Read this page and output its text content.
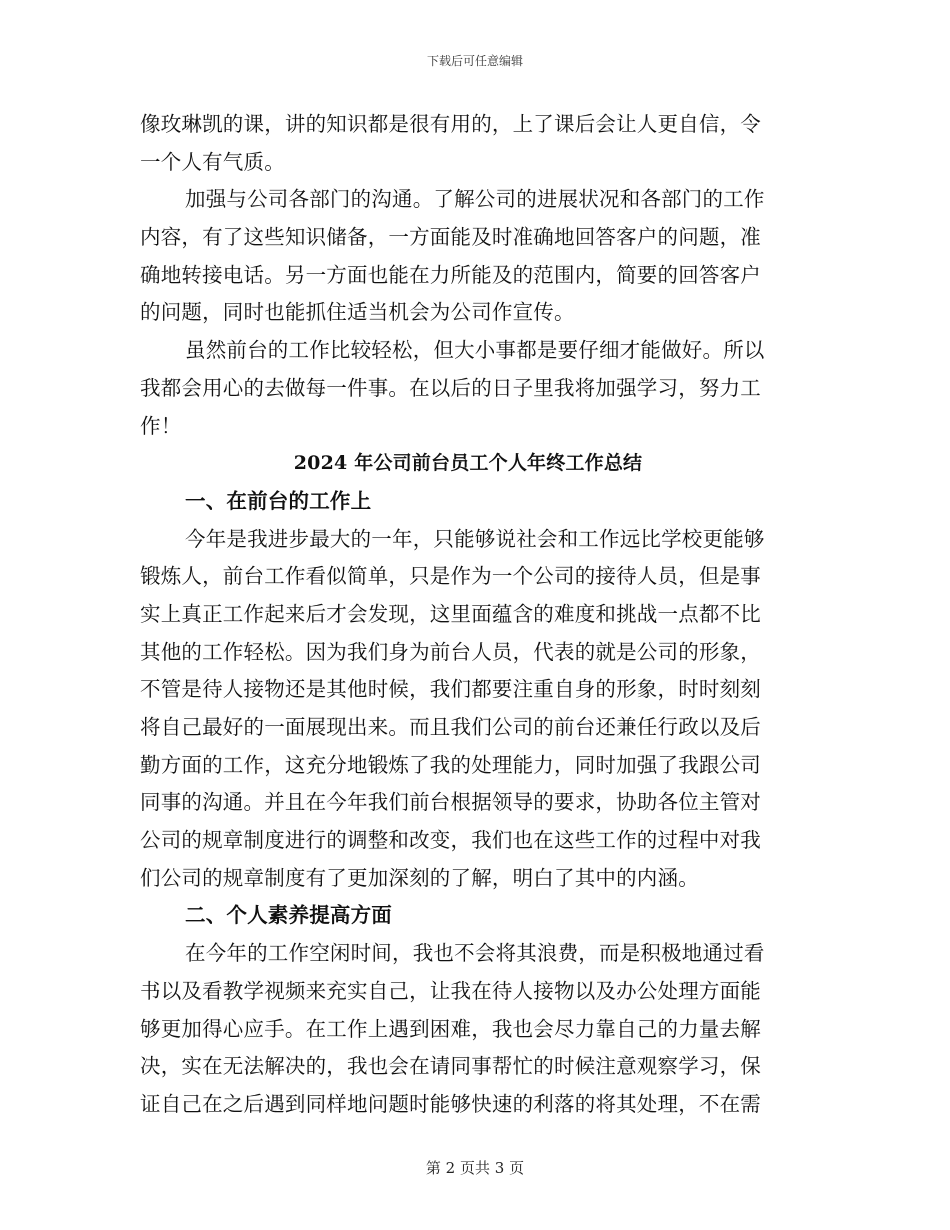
下载后可任意编辑
像玫琳凯的课，讲的知识都是很有用的，上了课后会让人更自信，令
一个人有气质。
加强与公司各部门的沟通。了解公司的进展状况和各部门的工作
内容，有了这些知识储备，一方面能及时准确地回答客户的问题，准
确地转接电话。另一方面也能在力所能及的范围内，简要的回答客户
的问题，同时也能抓住适当机会为公司作宣传。
虽然前台的工作比较轻松，但大小事都是要仔细才能做好。所以
我都会用心的去做每一件事。在以后的日子里我将加强学习，努力工
作！
2024 年公司前台员工个人年终工作总结
一、在前台的工作上
今年是我进步最大的一年，只能够说社会和工作远比学校更能够
锻炼人，前台工作看似简单，只是作为一个公司的接待人员，但是事
实上真正工作起来后才会发现，这里面蕴含的难度和挑战一点都不比
其他的工作轻松。因为我们身为前台人员，代表的就是公司的形象，
不管是待人接物还是其他时候，我们都要注重自身的形象，时时刻刻
将自己最好的一面展现出来。而且我们公司的前台还兼任行政以及后
勤方面的工作，这充分地锻炼了我的处理能力，同时加强了我跟公司
同事的沟通。并且在今年我们前台根据领导的要求，协助各位主管对
公司的规章制度进行的调整和改变，我们也在这些工作的过程中对我
们公司的规章制度有了更加深刻的了解，明白了其中的内涵。
二、个人素养提高方面
在今年的工作空闲时间，我也不会将其浪费，而是积极地通过看
书以及看教学视频来充实自己，让我在待人接物以及办公处理方面能
够更加得心应手。在工作上遇到困难，我也会尽力靠自己的力量去解
决，实在无法解决的，我也会在请同事帮忙的时候注意观察学习，保
证自己在之后遇到同样地问题时能够快速的利落的将其处理，不在需
第 2 页共 3 页
